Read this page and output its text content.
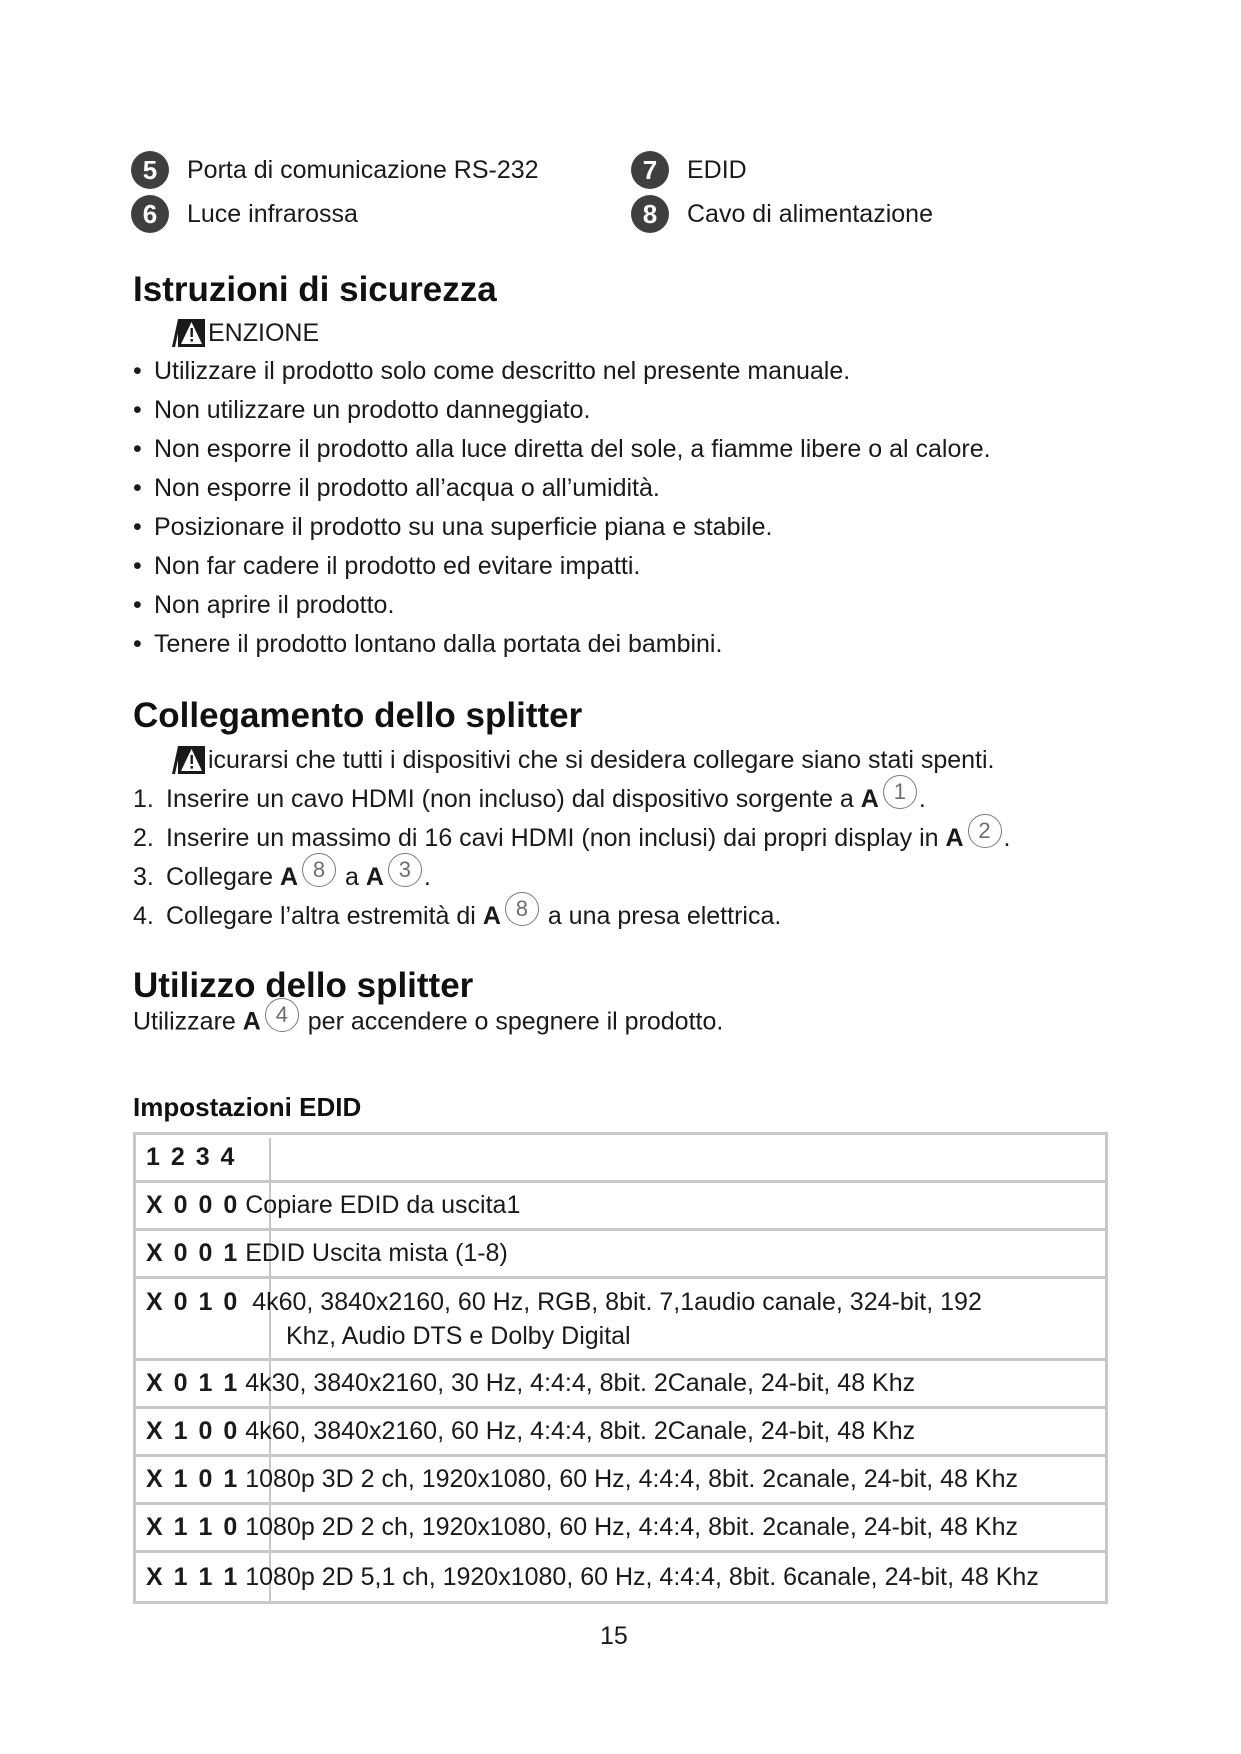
5	Porta di comunicazione RS-232
6	Luce infrarossa
7	EDID
8	Cavo di alimentazione
Istruzioni di sicurezza
ENZIONE
• Utilizzare il prodotto solo come descritto nel presente manuale.
• Non utilizzare un prodotto danneggiato.
• Non esporre il prodotto alla luce diretta del sole, a fiamme libere o al calore.
• Non esporre il prodotto all’acqua o all’umidità.
• Posizionare il prodotto su una superficie piana e stabile.
• Non far cadere il prodotto ed evitare impatti.
• Non aprire il prodotto.
• Tenere il prodotto lontano dalla portata dei bambini.
Collegamento dello splitter
icurarsi che tutti i dispositivi che si desidera collegare siano stati spenti.
1. Inserire un cavo HDMI (non incluso) dal dispositivo sorgente a A 1 .
2. Inserire un massimo di 16 cavi HDMI (non inclusi) dai propri display in A 2 .
3. Collegare A 8 a A 3 .
4. Collegare l’altra estremità di A 8 a una presa elettrica.
Utilizzo dello splitter
Utilizzare A 4 per accendere o spegnere il prodotto.
Impostazioni EDID
1 2 3 4
X 0 0 0 Copiare EDID da uscita1
X 0 0 1 EDID Uscita mista (1-8)
X 0 1 0 4k60, 3840x2160, 60 Hz, RGB, 8bit. 7,1audio canale, 324-bit, 192
Khz, Audio DTS e Dolby Digital
X 0 1 1 4k30, 3840x2160, 30 Hz, 4:4:4, 8bit. 2Canale, 24-bit, 48 Khz
X 1 0 0 4k60, 3840x2160, 60 Hz, 4:4:4, 8bit. 2Canale, 24-bit, 48 Khz
X 1 0 1 1080p 3D 2 ch, 1920x1080, 60 Hz, 4:4:4, 8bit. 2canale, 24-bit, 48 Khz
X 1 1 0 1080p 2D 2 ch, 1920x1080, 60 Hz, 4:4:4, 8bit. 2canale, 24-bit, 48 Khz
X 1 1 1 1080p 2D 5,1 ch, 1920x1080, 60 Hz, 4:4:4, 8bit. 6canale, 24-bit, 48 Khz
15
